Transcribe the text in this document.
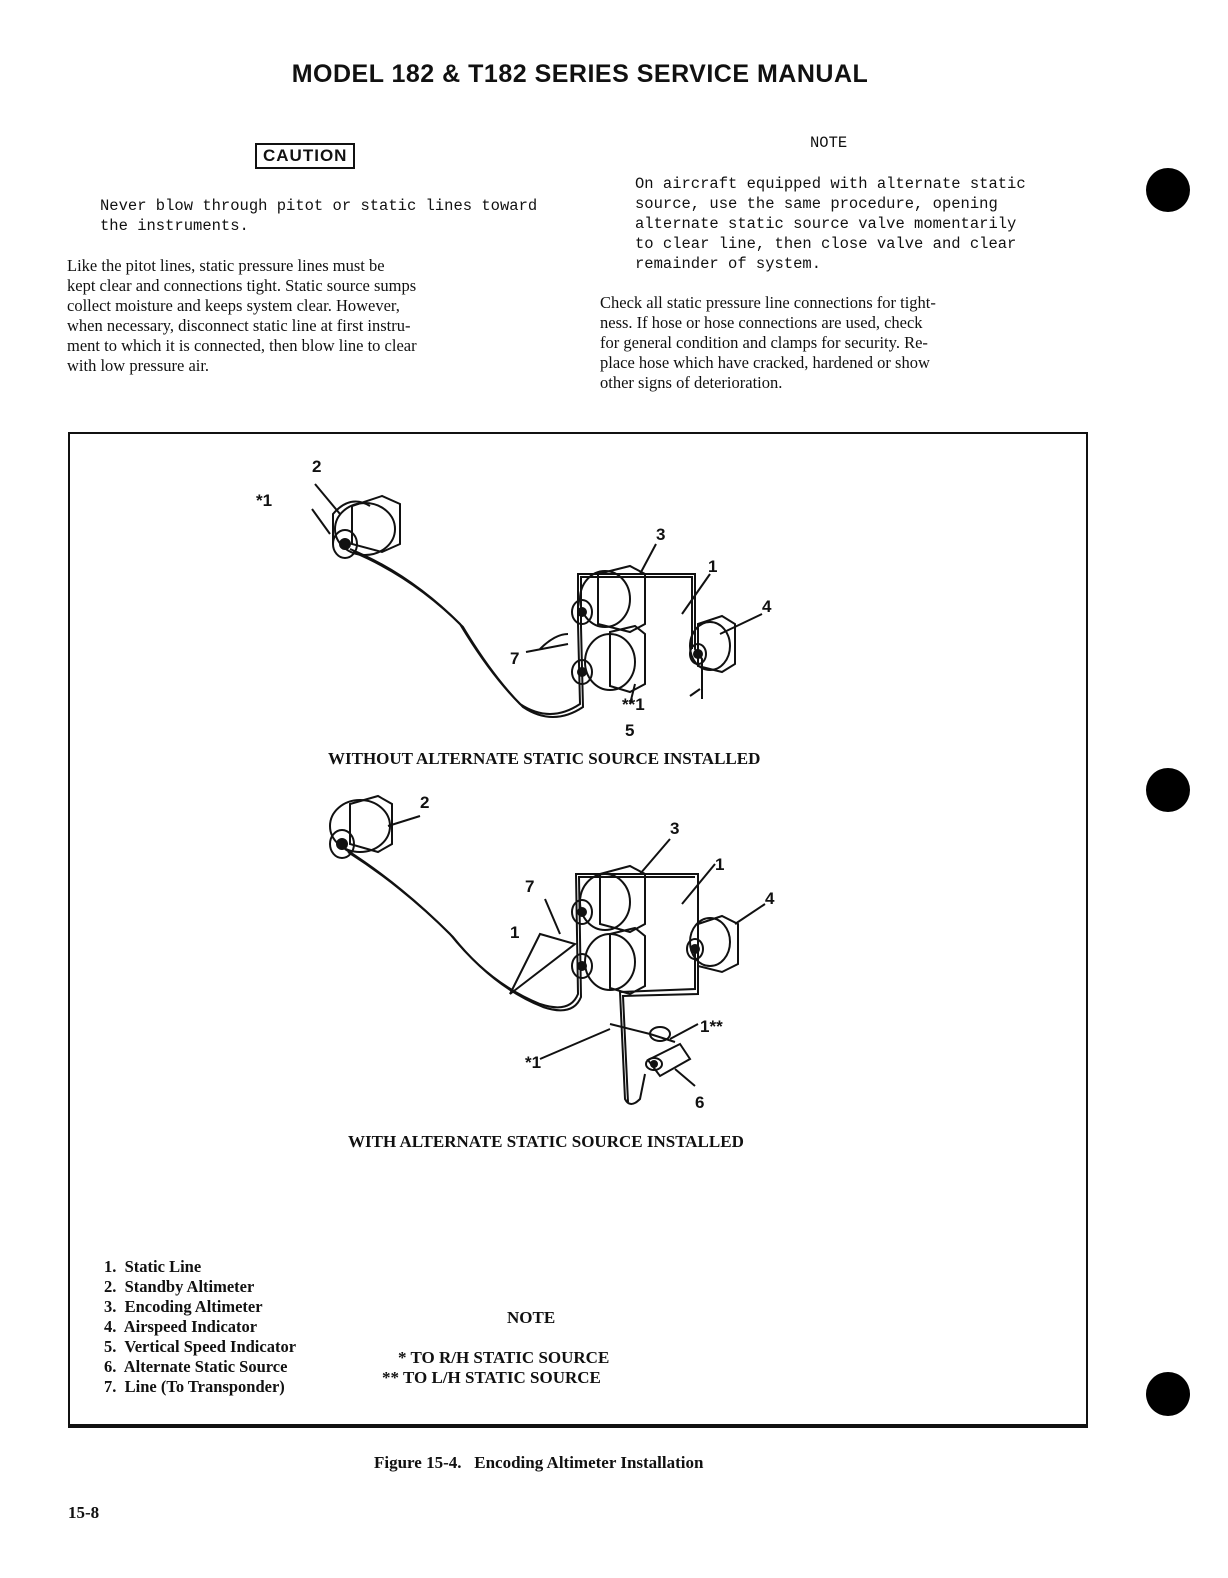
MODEL 182 & T182 SERIES SERVICE MANUAL
CAUTION
Never blow through pitot or static lines toward
the instruments.
Like the pitot lines, static pressure lines must be
kept clear and connections tight. Static source sumps
collect moisture and keeps system clear. However,
when necessary, disconnect static line at first instru-
ment to which it is connected, then blow line to clear
with low pressure air.
NOTE
On aircraft equipped with alternate static
source, use the same procedure, opening
alternate static source valve momentarily
to clear line, then close valve and clear
remainder of system.
Check all static pressure line connections for tight-
ness. If hose or hose connections are used, check
for general condition and clamps for security. Re-
place hose which have cracked, hardened or show
other signs of deterioration.
2
*1
3
1
4
7
**1
5
2
3
1
7
4
1
1**
*1
6
WITHOUT ALTERNATE STATIC SOURCE INSTALLED
WITH ALTERNATE STATIC SOURCE INSTALLED
1.  Static Line
2.  Standby Altimeter
3.  Encoding Altimeter
4.  Airspeed Indicator
5.  Vertical Speed Indicator
6.  Alternate Static Source
7.  Line (To Transponder)
NOTE
* TO R/H STATIC SOURCE
** TO L/H STATIC SOURCE
Figure 15-4.   Encoding Altimeter Installation
15-8
